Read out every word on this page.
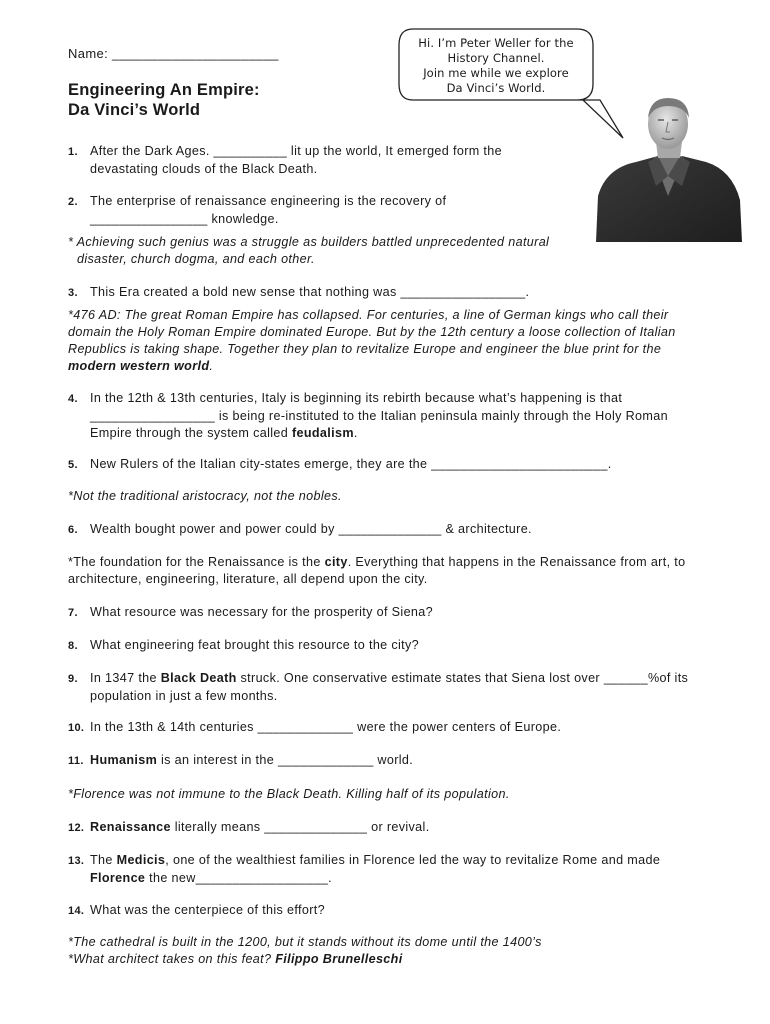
Name: ______________________
Engineering An Empire:
Da Vinci’s World
Hi. I’m Peter Weller for the
History Channel.
Join me while we explore
Da Vinci’s World.
1. After the Dark Ages. __________ lit up the world, It emerged form the
devastating clouds of the Black Death.
2. The enterprise of renaissance engineering is the recovery of
________________ knowledge.
* Achieving such genius was a struggle as builders battled unprecedented natural
disaster, church dogma, and each other.
3. This Era created a bold new sense that nothing was _________________.
*476 AD: The great Roman Empire has collapsed. For centuries, a line of German kings who call their
domain the Holy Roman Empire dominated Europe. But by the 12th century a loose collection of Italian
Republics is taking shape. Together they plan to revitalize Europe and engineer the blue print for the
modern western world.
4. In the 12th & 13th centuries, Italy is beginning its rebirth because what’s happening is that
_________________ is being re-instituted to the Italian peninsula mainly through the Holy Roman
Empire through the system called feudalism.
5. New Rulers of the Italian city-states emerge, they are the ________________________.
*Not the traditional aristocracy, not the nobles.
6. Wealth bought power and power could by ______________ & architecture.
*The foundation for the Renaissance is the city. Everything that happens in the Renaissance from art, to
architecture, engineering, literature, all depend upon the city.
7. What resource was necessary for the prosperity of Siena?
8. What engineering feat brought this resource to the city?
9. In 1347 the Black Death struck. One conservative estimate states that Siena lost over ______%of its
population in just a few months.
10. In the 13th & 14th centuries _____________ were the power centers of Europe.
11. Humanism is an interest in the _____________ world.
*Florence was not immune to the Black Death. Killing half of its population.
12. Renaissance literally means ______________ or revival.
13. The Medicis, one of the wealthiest families in Florence led the way to revitalize Rome and made
Florence the new__________________.
14. What was the centerpiece of this effort?
*The cathedral is built in the 1200, but it stands without its dome until the 1400’s
*What architect takes on this feat? Filippo Brunelleschi
